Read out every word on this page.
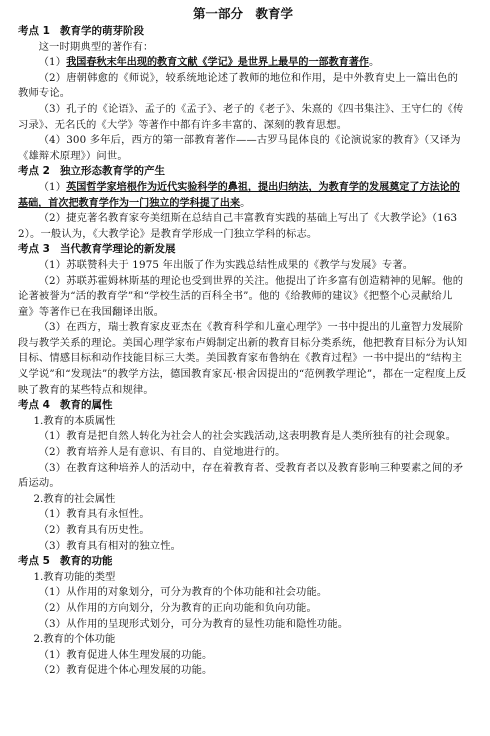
第一部分　教育学
考点 1 教育学的萌芽阶段
这一时期典型的著作有：
（1）我国春秋末年出现的教育文献《学记》是世界上最早的一部教育著作。
（2）唐朝韩愈的《师说》，较系统地论述了教师的地位和作用，是中外教育史上一篇出色的教师专论。
（3）孔子的《论语》、孟子的《孟子》、老子的《老子》、朱熹的《四书集注》、王守仁的《传习录》、无名氏的《大学》等著作中都有许多丰富的、深刻的教育思想。
（4）300 多年后，西方的第一部教育著作——古罗马昆体良的《论演说家的教育》（又译为《雄辩术原理》）问世。
考点 2 独立形态教育学的产生
（1）英国哲学家培根作为近代实验科学的鼻祖，提出归纳法，为教育学的发展奠定了方法论的基础，首次把教育学作为一门独立的学科提了出来。
（2）捷克著名教育家夸美纽斯在总结自己丰富教育实践的基础上写出了《大教学论》（1632）。一般认为，《大教学论》是教育学形成一门独立学科的标志。
考点 3 当代教育学理论的新发展
（1）苏联赞科夫于 1975 年出版了作为实践总结性成果的《教学与发展》专著。
（2）苏联苏霍姆林斯基的理论也受到世界的关注。他提出了许多富有创造精神的见解。他的论著被誉为“活的教育学”和“学校生活的百科全书”。他的《给教师的建议》《把整个心灵献给儿童》等著作已在我国翻译出版。
（3）在西方，瑞士教育家皮亚杰在《教育科学和儿童心理学》一书中提出的儿童智力发展阶段与教学关系的理论。美国心理学家布卢姆制定出新的教育目标分类系统，他把教育目标分为认知目标、情感目标和动作技能目标三大类。美国教育家布鲁纳在《教育过程》一书中提出的“结构主义学说”和“发现法”的教学方法，德国教育家瓦·根舍因提出的“范例教学理论”，都在一定程度上反映了教育的某些特点和规律。
考点 4 教育的属性
1.教育的本质属性
（1）教育是把自然人转化为社会人的社会实践活动,这表明教育是人类所独有的社会现象。
（2）教育培养人是有意识、有目的、自觉地进行的。
（3）在教育这种培养人的活动中，存在着教育者、受教育者以及教育影响三种要素之间的矛盾运动。
2.教育的社会属性
（1）教育具有永恒性。
（2）教育具有历史性。
（3）教育具有相对的独立性。
考点 5 教育的功能
1.教育功能的类型
（1）从作用的对象划分，可分为教育的个体功能和社会功能。
（2）从作用的方向划分，分为教育的正向功能和负向功能。
（3）从作用的呈现形式划分，可分为教育的显性功能和隐性功能。
2.教育的个体功能
（1）教育促进人体生理发展的功能。
（2）教育促进个体心理发展的功能。
